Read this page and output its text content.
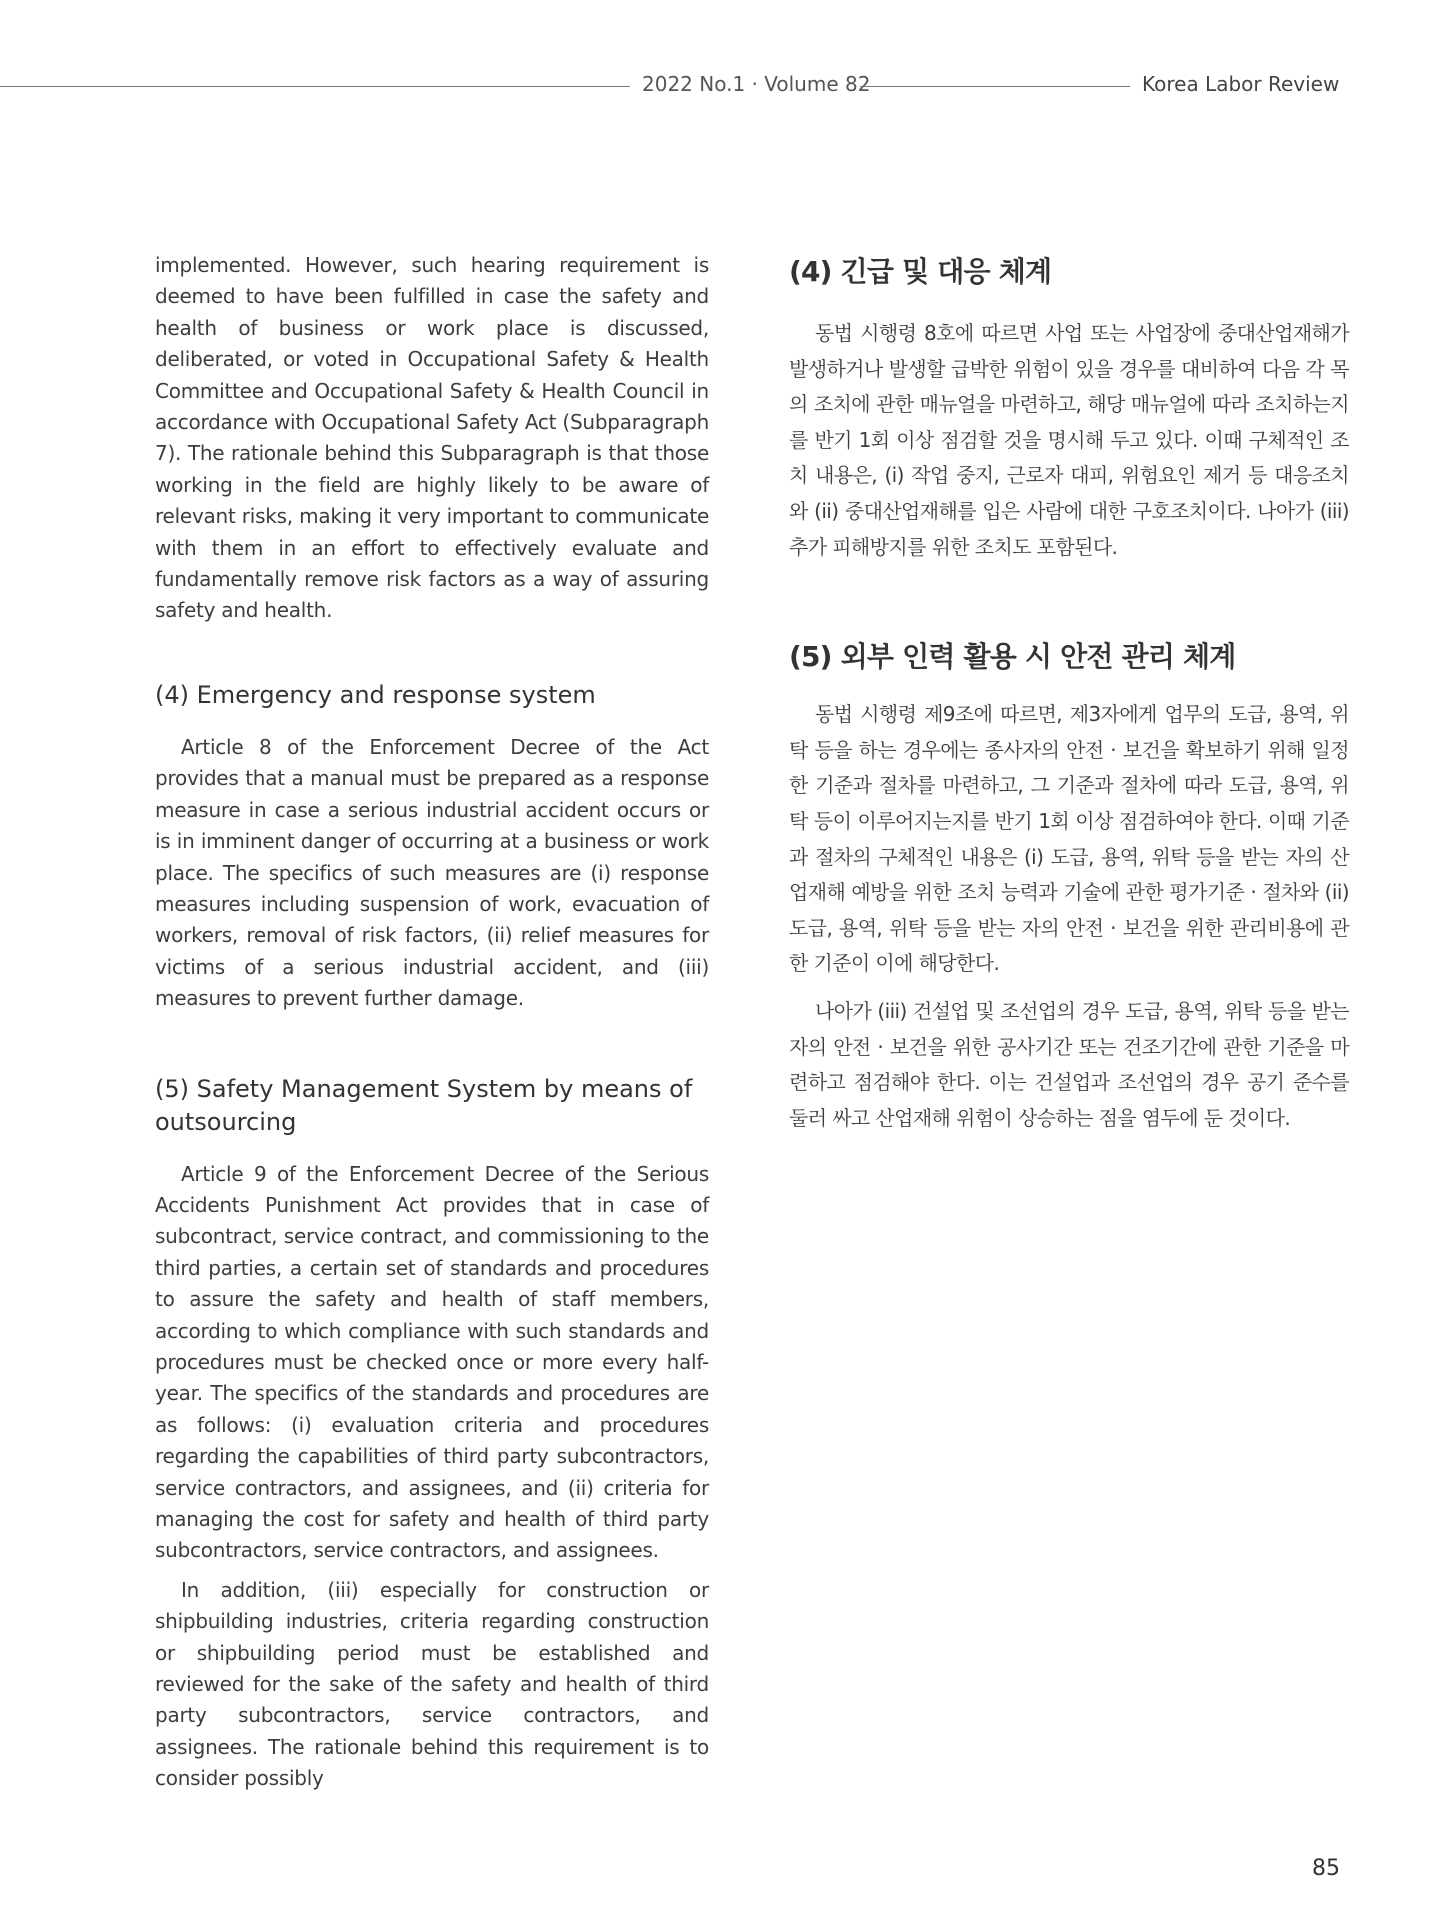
2022 No.1 · Volume 82	Korea Labor Review

implemented. However, such hearing requirement is deemed to have been fulfilled in case the safety and health of business or work place is discussed, deliberated, or voted in Occupational Safety & Health Committee and Occupational Safety & Health Council in accordance with Occupational Safety Act (Subparagraph 7). The rationale behind this Subparagraph is that those working in the field are highly likely to be aware of relevant risks, making it very important to communicate with them in an effort to effectively evaluate and fundamentally remove risk factors as a way of assuring safety and health.

(4) Emergency and response system

Article 8 of the Enforcement Decree of the Act provides that a manual must be prepared as a response measure in case a serious industrial accident occurs or is in imminent danger of occurring at a business or work place. The specifics of such measures are (i) response measures including suspension of work, evacuation of workers, removal of risk factors, (ii) relief measures for victims of a serious industrial accident, and (iii) measures to prevent further damage.

(5) Safety Management System by means of outsourcing

Article 9 of the Enforcement Decree of the Serious Accidents Punishment Act provides that in case of subcontract, service contract, and commissioning to the third parties, a certain set of standards and procedures to assure the safety and health of staff members, according to which compliance with such standards and procedures must be checked once or more every half-year. The specifics of the standards and procedures are as follows: (i) evaluation criteria and procedures regarding the capabilities of third party subcontractors, service contractors, and assignees, and (ii) criteria for managing the cost for safety and health of third party subcontractors, service contractors, and assignees.

In addition, (iii) especially for construction or shipbuilding industries, criteria regarding construction or shipbuilding period must be established and reviewed for the sake of the safety and health of third party subcontractors, service contractors, and assignees. The rationale behind this requirement is to consider possibly

(4) 긴급 및 대응 체계

동법 시행령 8호에 따르면 사업 또는 사업장에 중대산업재해가 발생하거나 발생할 급박한 위험이 있을 경우를 대비하여 다음 각 목의 조치에 관한 매뉴얼을 마련하고, 해당 매뉴얼에 따라 조치하는지를 반기 1회 이상 점검할 것을 명시해 두고 있다. 이때 구체적인 조치 내용은, (i) 작업 중지, 근로자 대피, 위험요인 제거 등 대응조치와 (ii) 중대산업재해를 입은 사람에 대한 구호조치이다. 나아가 (iii) 추가 피해방지를 위한 조치도 포함된다.

(5) 외부 인력 활용 시 안전 관리 체계

동법 시행령 제9조에 따르면, 제3자에게 업무의 도급, 용역, 위탁 등을 하는 경우에는 종사자의 안전 · 보건을 확보하기 위해 일정한 기준과 절차를 마련하고, 그 기준과 절차에 따라 도급, 용역, 위탁 등이 이루어지는지를 반기 1회 이상 점검하여야 한다. 이때 기준과 절차의 구체적인 내용은 (i) 도급, 용역, 위탁 등을 받는 자의 산업재해 예방을 위한 조치 능력과 기술에 관한 평가기준 · 절차와 (ii) 도급, 용역, 위탁 등을 받는 자의 안전 · 보건을 위한 관리비용에 관한 기준이 이에 해당한다.

나아가 (iii) 건설업 및 조선업의 경우 도급, 용역, 위탁 등을 받는 자의 안전 · 보건을 위한 공사기간 또는 건조기간에 관한 기준을 마련하고 점검해야 한다. 이는 건설업과 조선업의 경우 공기 준수를 둘러 싸고 산업재해 위험이 상승하는 점을 염두에 둔 것이다.

85
